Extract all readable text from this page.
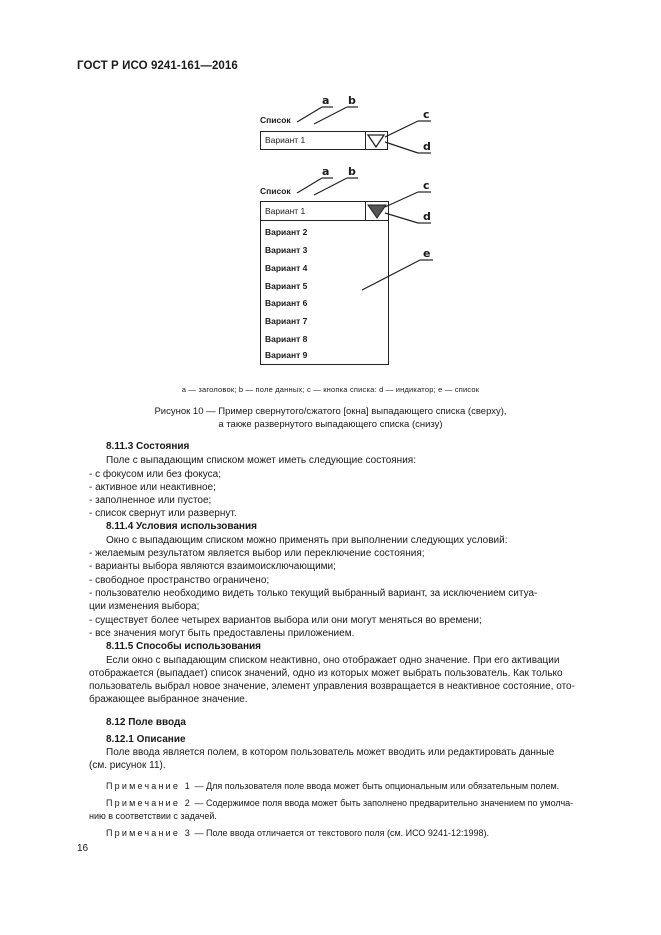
ГОСТ Р ИСО 9241-161—2016
Список
Вариант 1
Список
Вариант 1
Вариант 2
Вариант 3
Вариант 4
Вариант 5
Вариант 6
Вариант 7
Вариант 8
Вариант 9
a b
c
d
a b
c
d
e
а — заголовок; b — поле данных; с — кнопка списка: d — индикатор; е — список
Рисунок 10 — Пример свернутого/сжатого [окна] выпадающего списка (сверху),
а также развернутого выпадающего списка (снизу)
8.11.3 Состояния
Поле с выпадающим списком может иметь следующие состояния:
- с фокусом или без фокуса;
- активное или неактивное;
- заполненное или пустое;
- список свернут или развернут.
8.11.4 Условия использования
Окно с выпадающим списком можно применять при выполнении следующих условий:
- желаемым результатом является выбор или переключение состояния;
- варианты выбора являются взаимоисключающими;
- свободное пространство ограничено;
- пользователю необходимо видеть только текущий выбранный вариант, за исключением ситуа-
ции изменения выбора;
- существует более четырех вариантов выбора или они могут меняться во времени;
- все значения могут быть предоставлены приложением.
8.11.5 Способы использования
Если окно с выпадающим списком неактивно, оно отображает одно значение. При его активации
отображается (выпадает) список значений, одно из которых может выбрать пользователь. Как только
пользователь выбрал новое значение, элемент управления возвращается в неактивное состояние, ото-
бражающее выбранное значение.
8.12 Поле ввода
8.12.1 Описание
Поле ввода является полем, в котором пользователь может вводить или редактировать данные
(см. рисунок 11).
Примечание 1 — Для пользователя поле ввода может быть опциональным или обязательным полем.
Примечание 2 — Содержимое поля ввода может быть заполнено предварительно значением по умолча-
нию в соответствии с задачей.
Примечание 3 — Поле ввода отличается от текстового поля (см. ИСО 9241-12:1998).
16
